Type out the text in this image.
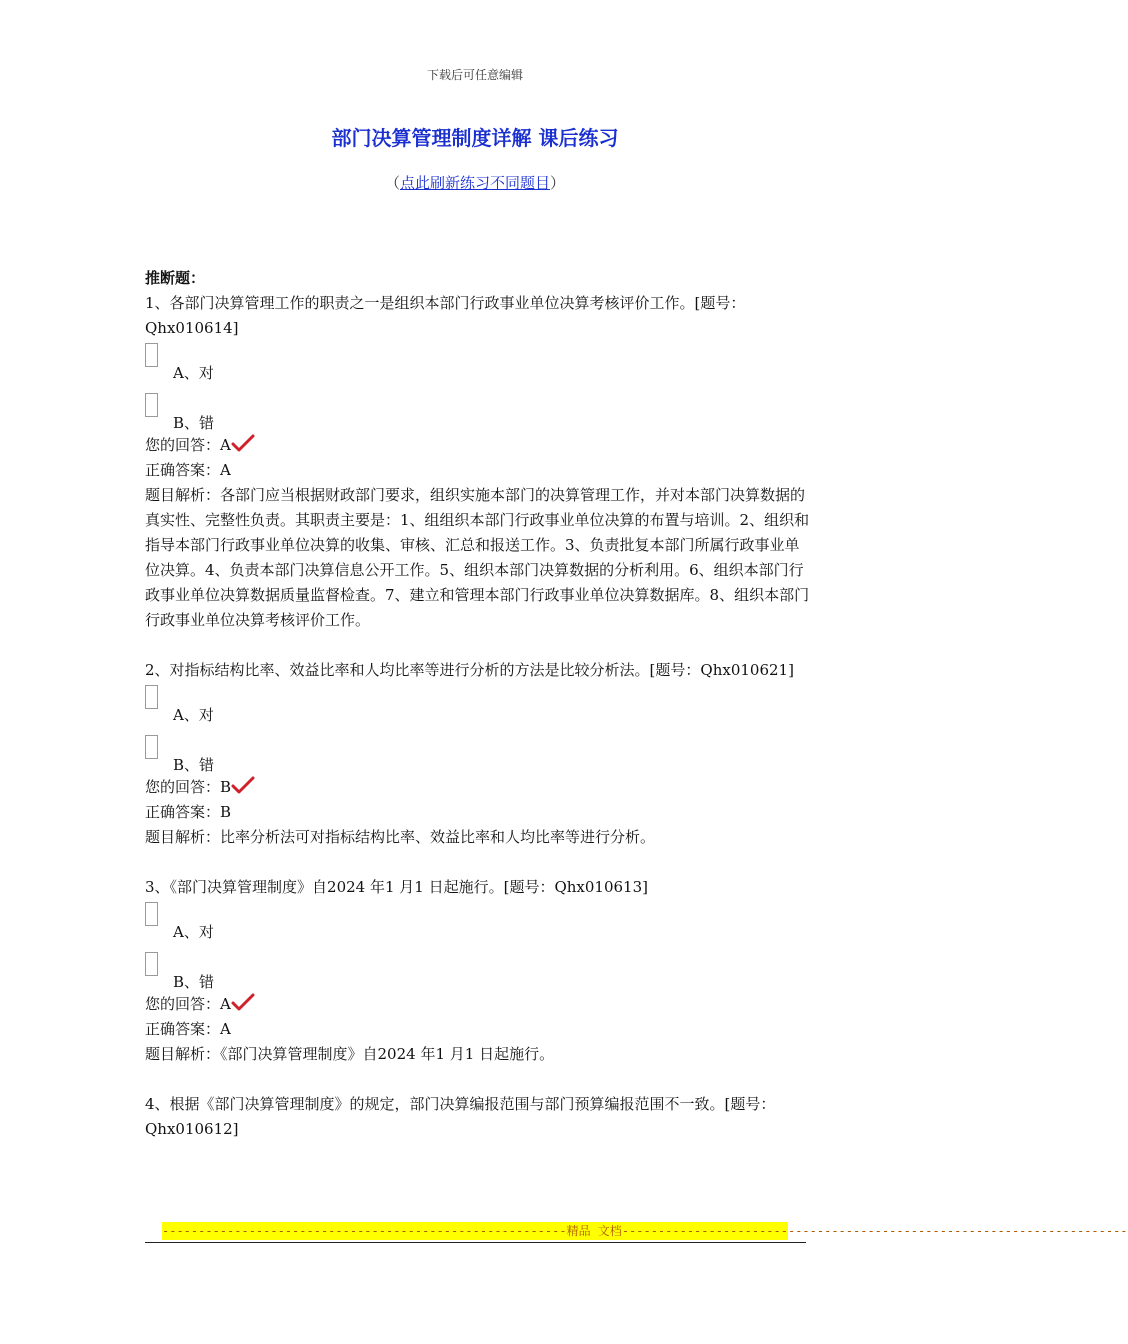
下载后可任意编辑
部门决算管理制度详解 课后练习
（点此刷新练习不同题目）
推断题：

1、各部门决算管理工作的职责之一是组织本部门行政事业单位决算考核评价工作。[题号：Qhx010614]

A、对
B、错
您的回答：A
正确答案：A

题目解析：各部门应当根据财政部门要求，组织实施本部门的决算管理工作，并对本部门决算数据的真实性、完整性负责。其职责主要是：1、组组织本部门行政事业单位决算的布置与培训。2、组织和指导本部门行政事业单位决算的收集、审核、汇总和报送工作。3、负责批复本部门所属行政事业单位决算。4、负责本部门决算信息公开工作。5、组织本部门决算数据的分析利用。6、组织本部门行政事业单位决算数据质量监督检查。7、建立和管理本部门行政事业单位决算数据库。8、组织本部门行政事业单位决算考核评价工作。

2、对指标结构比率、效益比率和人均比率等进行分析的方法是比较分析法。[题号：Qhx010621]

A、对
B、错
您的回答：B
正确答案：B

题目解析：比率分析法可对指标结构比率、效益比率和人均比率等进行分析。

3、《部门决算管理制度》自2024 年1 月1 日起施行。[题号：Qhx010613]

A、对
B、错
您的回答：A
正确答案：A

题目解析：《部门决算管理制度》自2024 年1 月1 日起施行。

4、根据《部门决算管理制度》的规定，部门决算编报范围与部门预算编报范围不一致。[题号：Qhx010612]

--------------------------------------------------------精品 文档----------------------------------------------------------------------
